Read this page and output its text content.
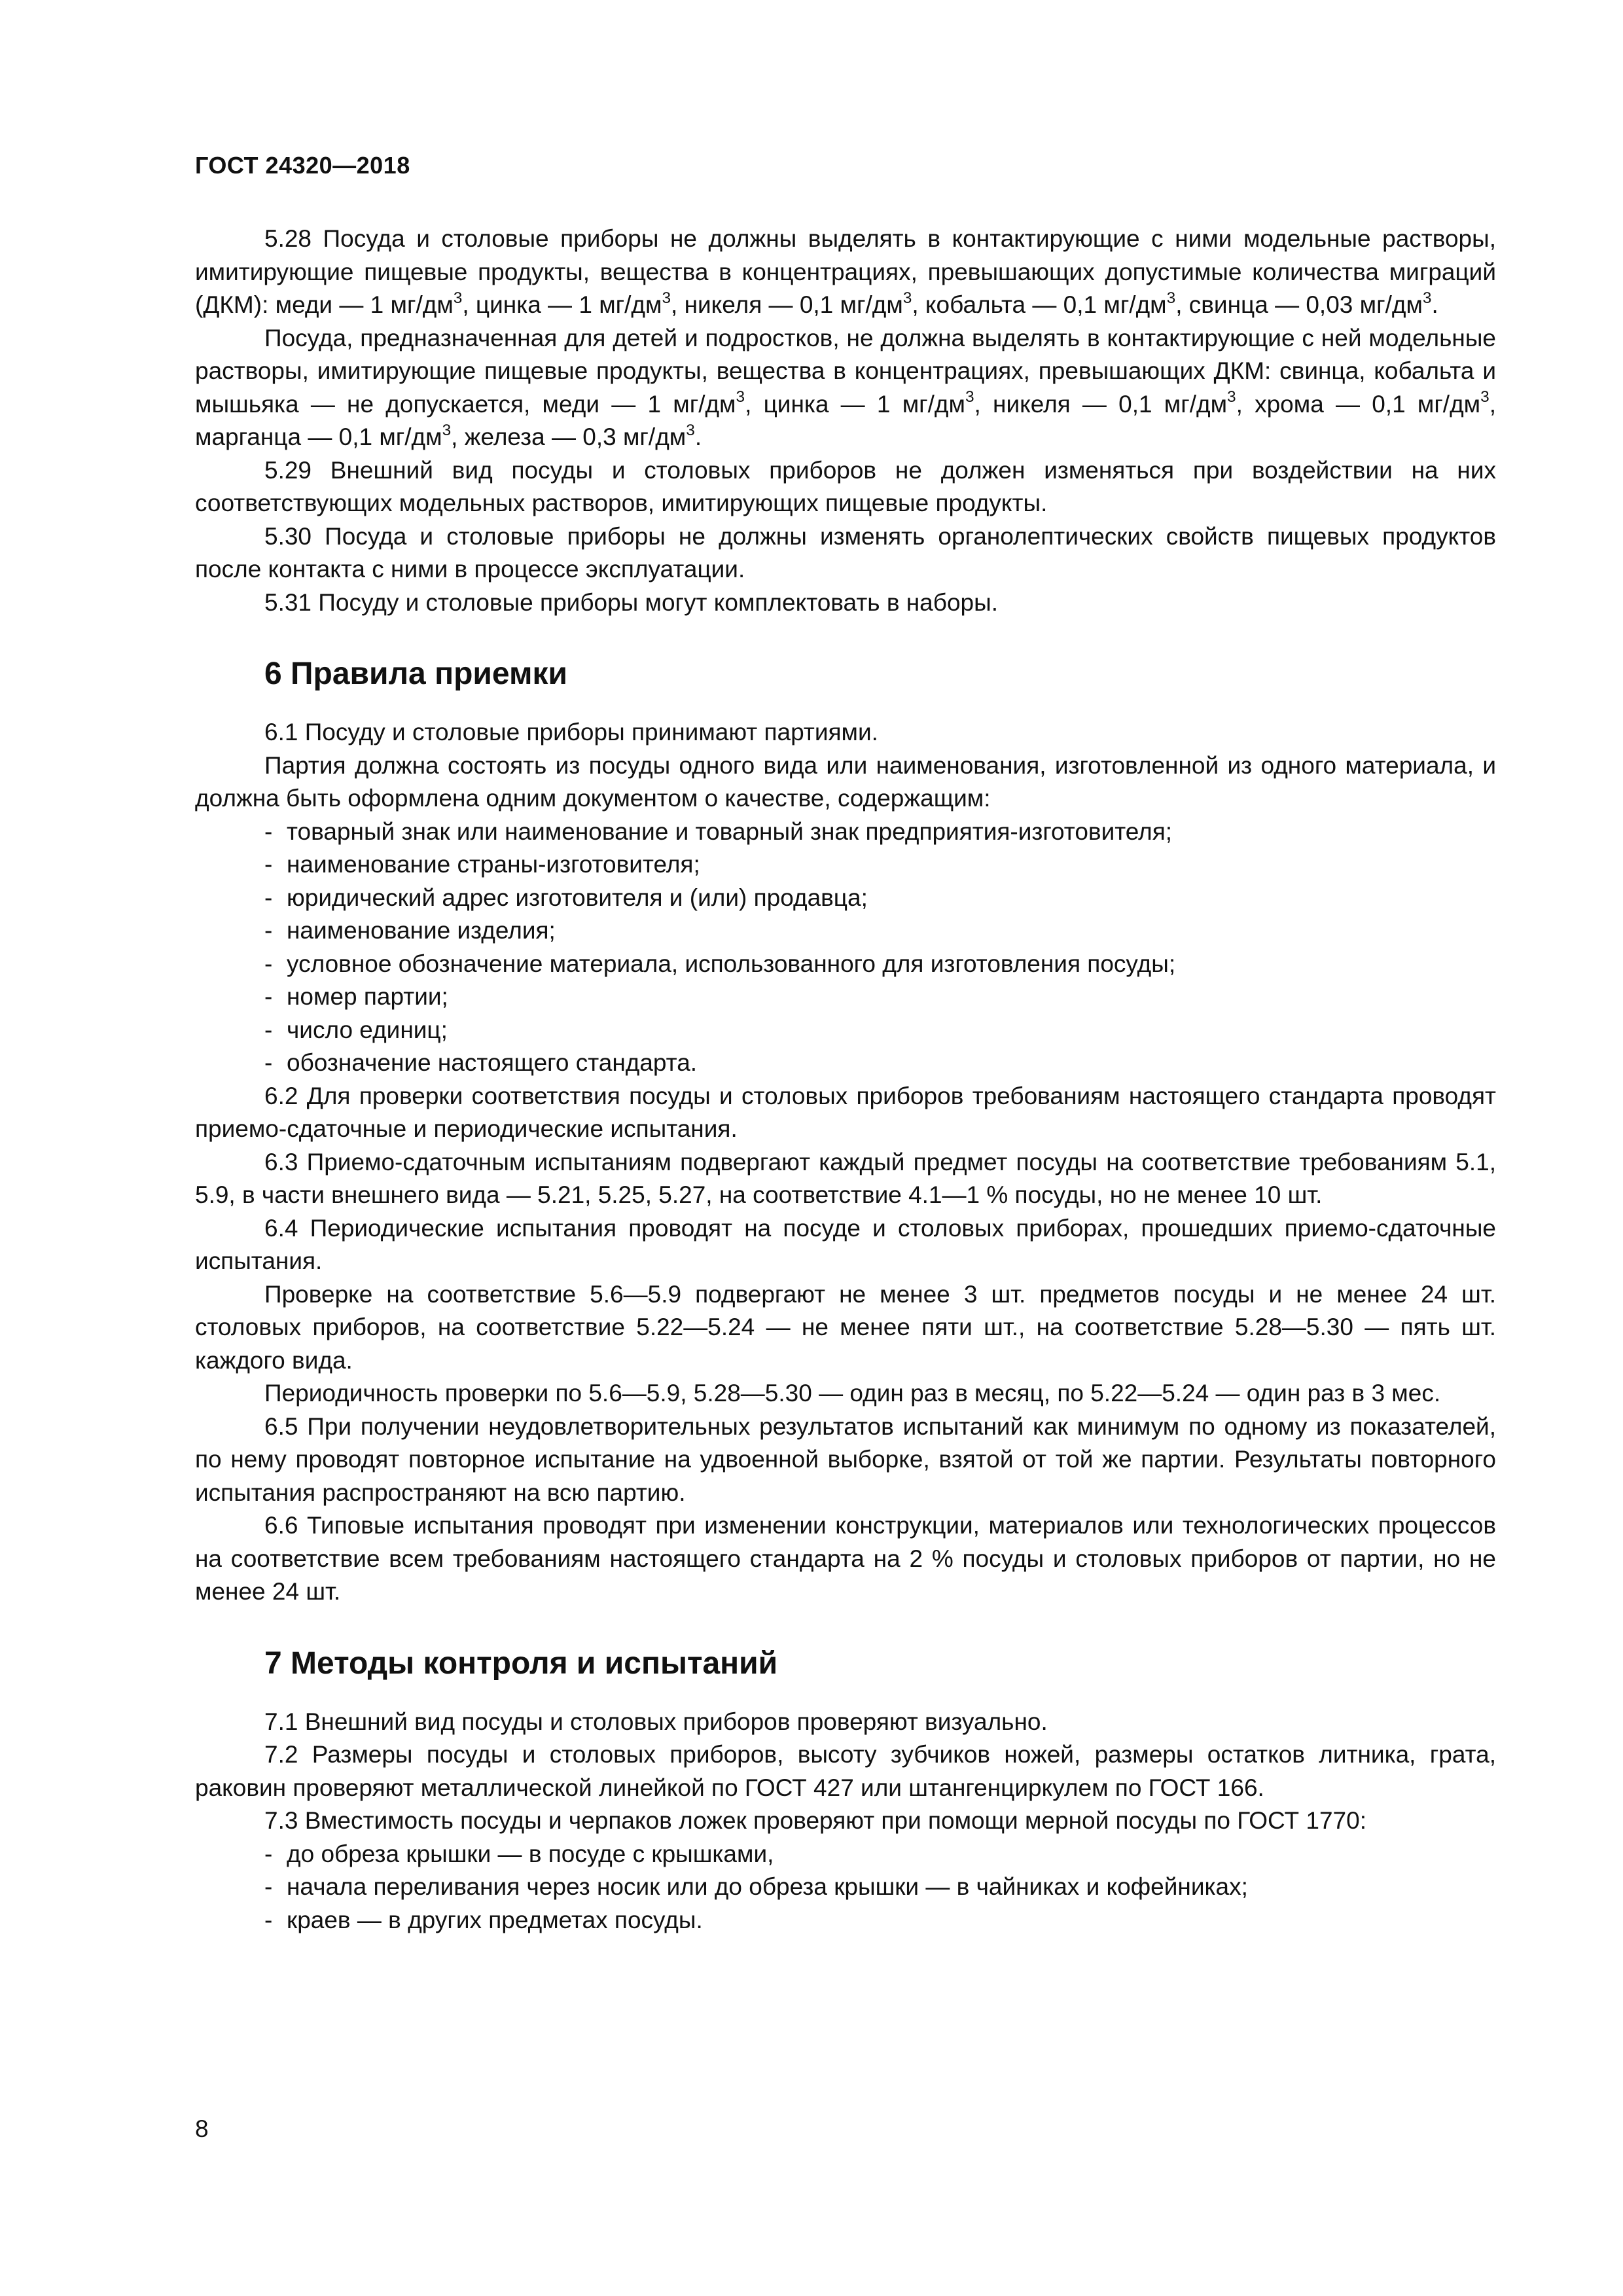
ГОСТ 24320—2018

5.28 Посуда и столовые приборы не должны выделять в контактирующие с ними модельные растворы, имитирующие пищевые продукты, вещества в концентрациях, превышающих допустимые количества миграций (ДКМ): меди — 1 $мг/дм^3$, цинка — 1 $мг/дм^3$, никеля — 0,1 $мг/дм^3$, кобальта — 0,1 $мг/дм^3$, свинца — 0,03 $мг/дм^3$.

Посуда, предназначенная для детей и подростков, не должна выделять в контактирующие с ней модельные растворы, имитирующие пищевые продукты, вещества в концентрациях, превышающих ДКМ: свинца, кобальта и мышьяка — не допускается, меди — 1 $мг/дм^3$, цинка — 1 $мг/дм^3$, никеля — 0,1 $мг/дм^3$, хрома — 0,1 $мг/дм^3$, марганца — 0,1 $мг/дм^3$, железа — 0,3 $мг/дм^3$.

5.29 Внешний вид посуды и столовых приборов не должен изменяться при воздействии на них соответствующих модельных растворов, имитирующих пищевые продукты.

5.30 Посуда и столовые приборы не должны изменять органолептических свойств пищевых продуктов после контакта с ними в процессе эксплуатации.

5.31 Посуду и столовые приборы могут комплектовать в наборы.

6 Правила приемки

6.1 Посуду и столовые приборы принимают партиями.

Партия должна состоять из посуды одного вида или наименования, изготовленной из одного материала, и должна быть оформлена одним документом о качестве, содержащим:

- товарный знак или наименование и товарный знак предприятия-изготовителя;

- наименование страны-изготовителя;

- юридический адрес изготовителя и (или) продавца;

- наименование изделия;

- условное обозначение материала, использованного для изготовления посуды;

- номер партии;

- число единиц;

- обозначение настоящего стандарта.

6.2 Для проверки соответствия посуды и столовых приборов требованиям настоящего стандарта проводят приемо-сдаточные и периодические испытания.

6.3 Приемо-сдаточным испытаниям подвергают каждый предмет посуды на соответствие требованиям 5.1, 5.9, в части внешнего вида — 5.21, 5.25, 5.27, на соответствие 4.1—1 % посуды, но не менее 10 шт.

6.4 Периодические испытания проводят на посуде и столовых приборах, прошедших приемо-сдаточные испытания.

Проверке на соответствие 5.6—5.9 подвергают не менее 3 шт. предметов посуды и не менее 24 шт. столовых приборов, на соответствие 5.22—5.24 — не менее пяти шт., на соответствие 5.28—5.30 — пять шт. каждого вида.

Периодичность проверки по 5.6—5.9, 5.28—5.30 — один раз в месяц, по 5.22—5.24 — один раз в 3 мес.

6.5 При получении неудовлетворительных результатов испытаний как минимум по одному из показателей, по нему проводят повторное испытание на удвоенной выборке, взятой от той же партии. Результаты повторного испытания распространяют на всю партию.

6.6 Типовые испытания проводят при изменении конструкции, материалов или технологических процессов на соответствие всем требованиям настоящего стандарта на 2 % посуды и столовых приборов от партии, но не менее 24 шт.

7 Методы контроля и испытаний

7.1 Внешний вид посуды и столовых приборов проверяют визуально.

7.2 Размеры посуды и столовых приборов, высоту зубчиков ножей, размеры остатков литника, грата, раковин проверяют металлической линейкой по ГОСТ 427 или штангенциркулем по ГОСТ 166.

7.3 Вместимость посуды и черпаков ложек проверяют при помощи мерной посуды по ГОСТ 1770:

- до обреза крышки — в посуде с крышками,

- начала переливания через носик или до обреза крышки — в чайниках и кофейниках;

- краев — в других предметах посуды.

8
